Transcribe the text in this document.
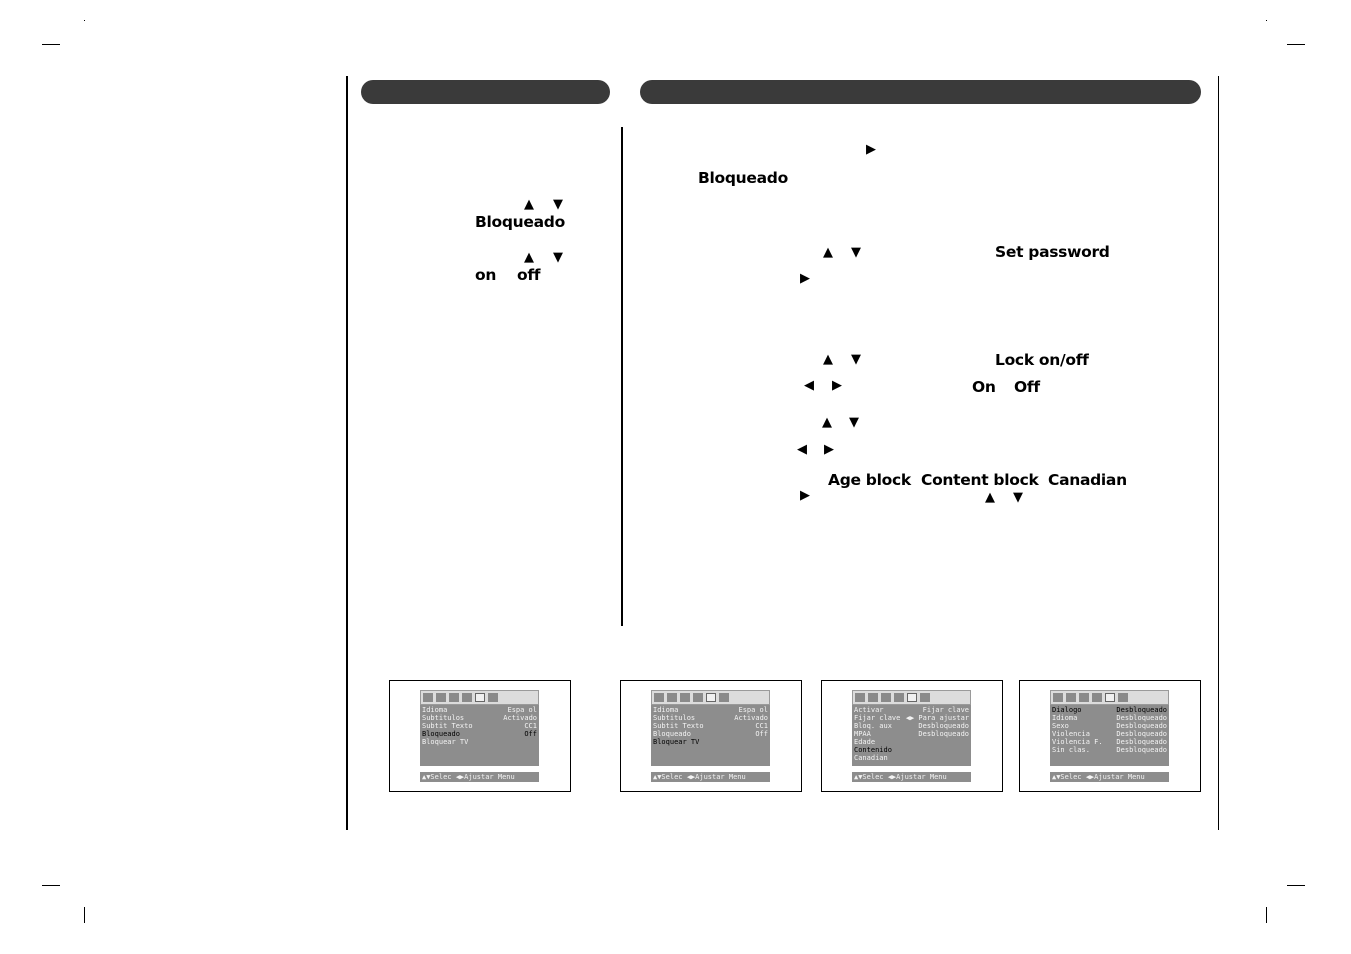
▲ ▼
Bloqueado
▲ ▼
on off
▶
Bloqueado
▲ ▼	Set password
▶
▲ ▼	Lock on/off
◀ ▶	On Off
▲ ▼
◀ ▶
Age block Content block Canadian
▶	▲ ▼
Idioma	Espa ol
Subtitulos	Activado
Subtit Texto	CC1
Bloqueado	Off
Bloquear TV
▲▼Selec ◀▶Ajustar Menu
Idioma	Espa ol
Subtitulos	Activado
Subtit Texto	CC1
Bloqueado	Off
Bloquear TV
▲▼Selec ◀▶Ajustar Menu
Activar	Fijar clave
Fijar clave ◀▶ Para ajustar
Bloq. aux	Desbloqueado
MPAA	Desbloqueado
Edade
Contenido
Canadian
▲▼Selec ◀▶Ajustar Menu
Dialogo	Desbloqueado
Idioma	Desbloqueado
Sexo	Desbloqueado
Violencia	Desbloqueado
Violencia F. Desbloqueado
Sin clas.	Desbloqueado
▲▼Selec ◀▶Ajustar Menu
